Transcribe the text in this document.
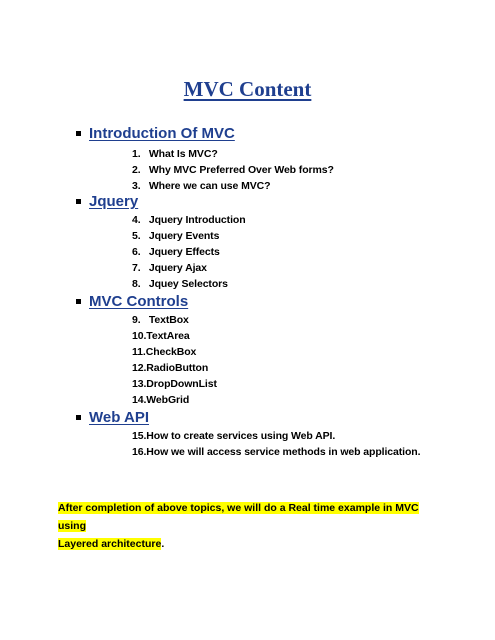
MVC Content
Introduction Of MVC
1. What Is MVC?
2. Why MVC Preferred Over Web forms?
3. Where we can use MVC?
Jquery
4. Jquery Introduction
5. Jquery Events
6. Jquery Effects
7. Jquery Ajax
8. Jquey Selectors
MVC Controls
9. TextBox
10.TextArea
11.CheckBox
12.RadioButton
13.DropDownList
14.WebGrid
Web API
15.How to create services using Web API.
16.How we will access service methods in web application.
After completion of above topics, we will do a Real time example in MVC using
Layered architecture.
